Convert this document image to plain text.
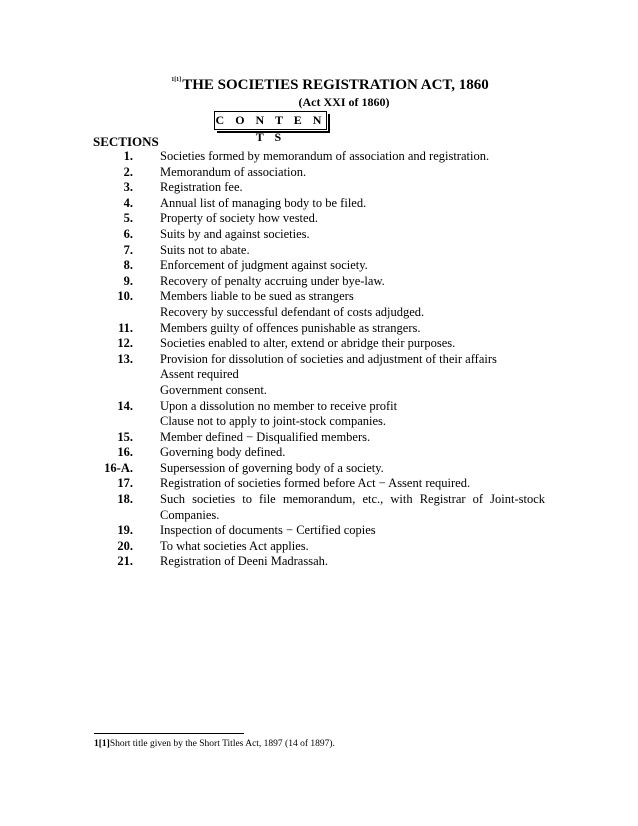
$^{1[1]}$THE SOCIETIES REGISTRATION ACT, 1860
(Act XXI of 1860)
C O N T E N T S
SECTIONS
1. Societies formed by memorandum of association and registration.
2. Memorandum of association.
3. Registration fee.
4. Annual list of managing body to be filed.
5. Property of society how vested.
6. Suits by and against societies.
7. Suits not to abate.
8. Enforcement of judgment against society.
9. Recovery of penalty accruing under bye-law.
10. Members liable to be sued as strangers
Recovery by successful defendant of costs adjudged.
11. Members guilty of offences punishable as strangers.
12. Societies enabled to alter, extend or abridge their purposes.
13. Provision for dissolution of societies and adjustment of their affairs
Assent required
Government consent.
14. Upon a dissolution no member to receive profit
Clause not to apply to joint-stock companies.
15. Member defined − Disqualified members.
16. Governing body defined.
16-A. Supersession of governing body of a society.
17. Registration of societies formed before Act − Assent required.
18. Such societies to file memorandum, etc., with Registrar of Joint-stock
Companies.
19. Inspection of documents − Certified copies
20. To what societies Act applies.
21. Registration of Deeni Madrassah.
1[1]Short title given by the Short Titles Act, 1897 (14 of 1897).
